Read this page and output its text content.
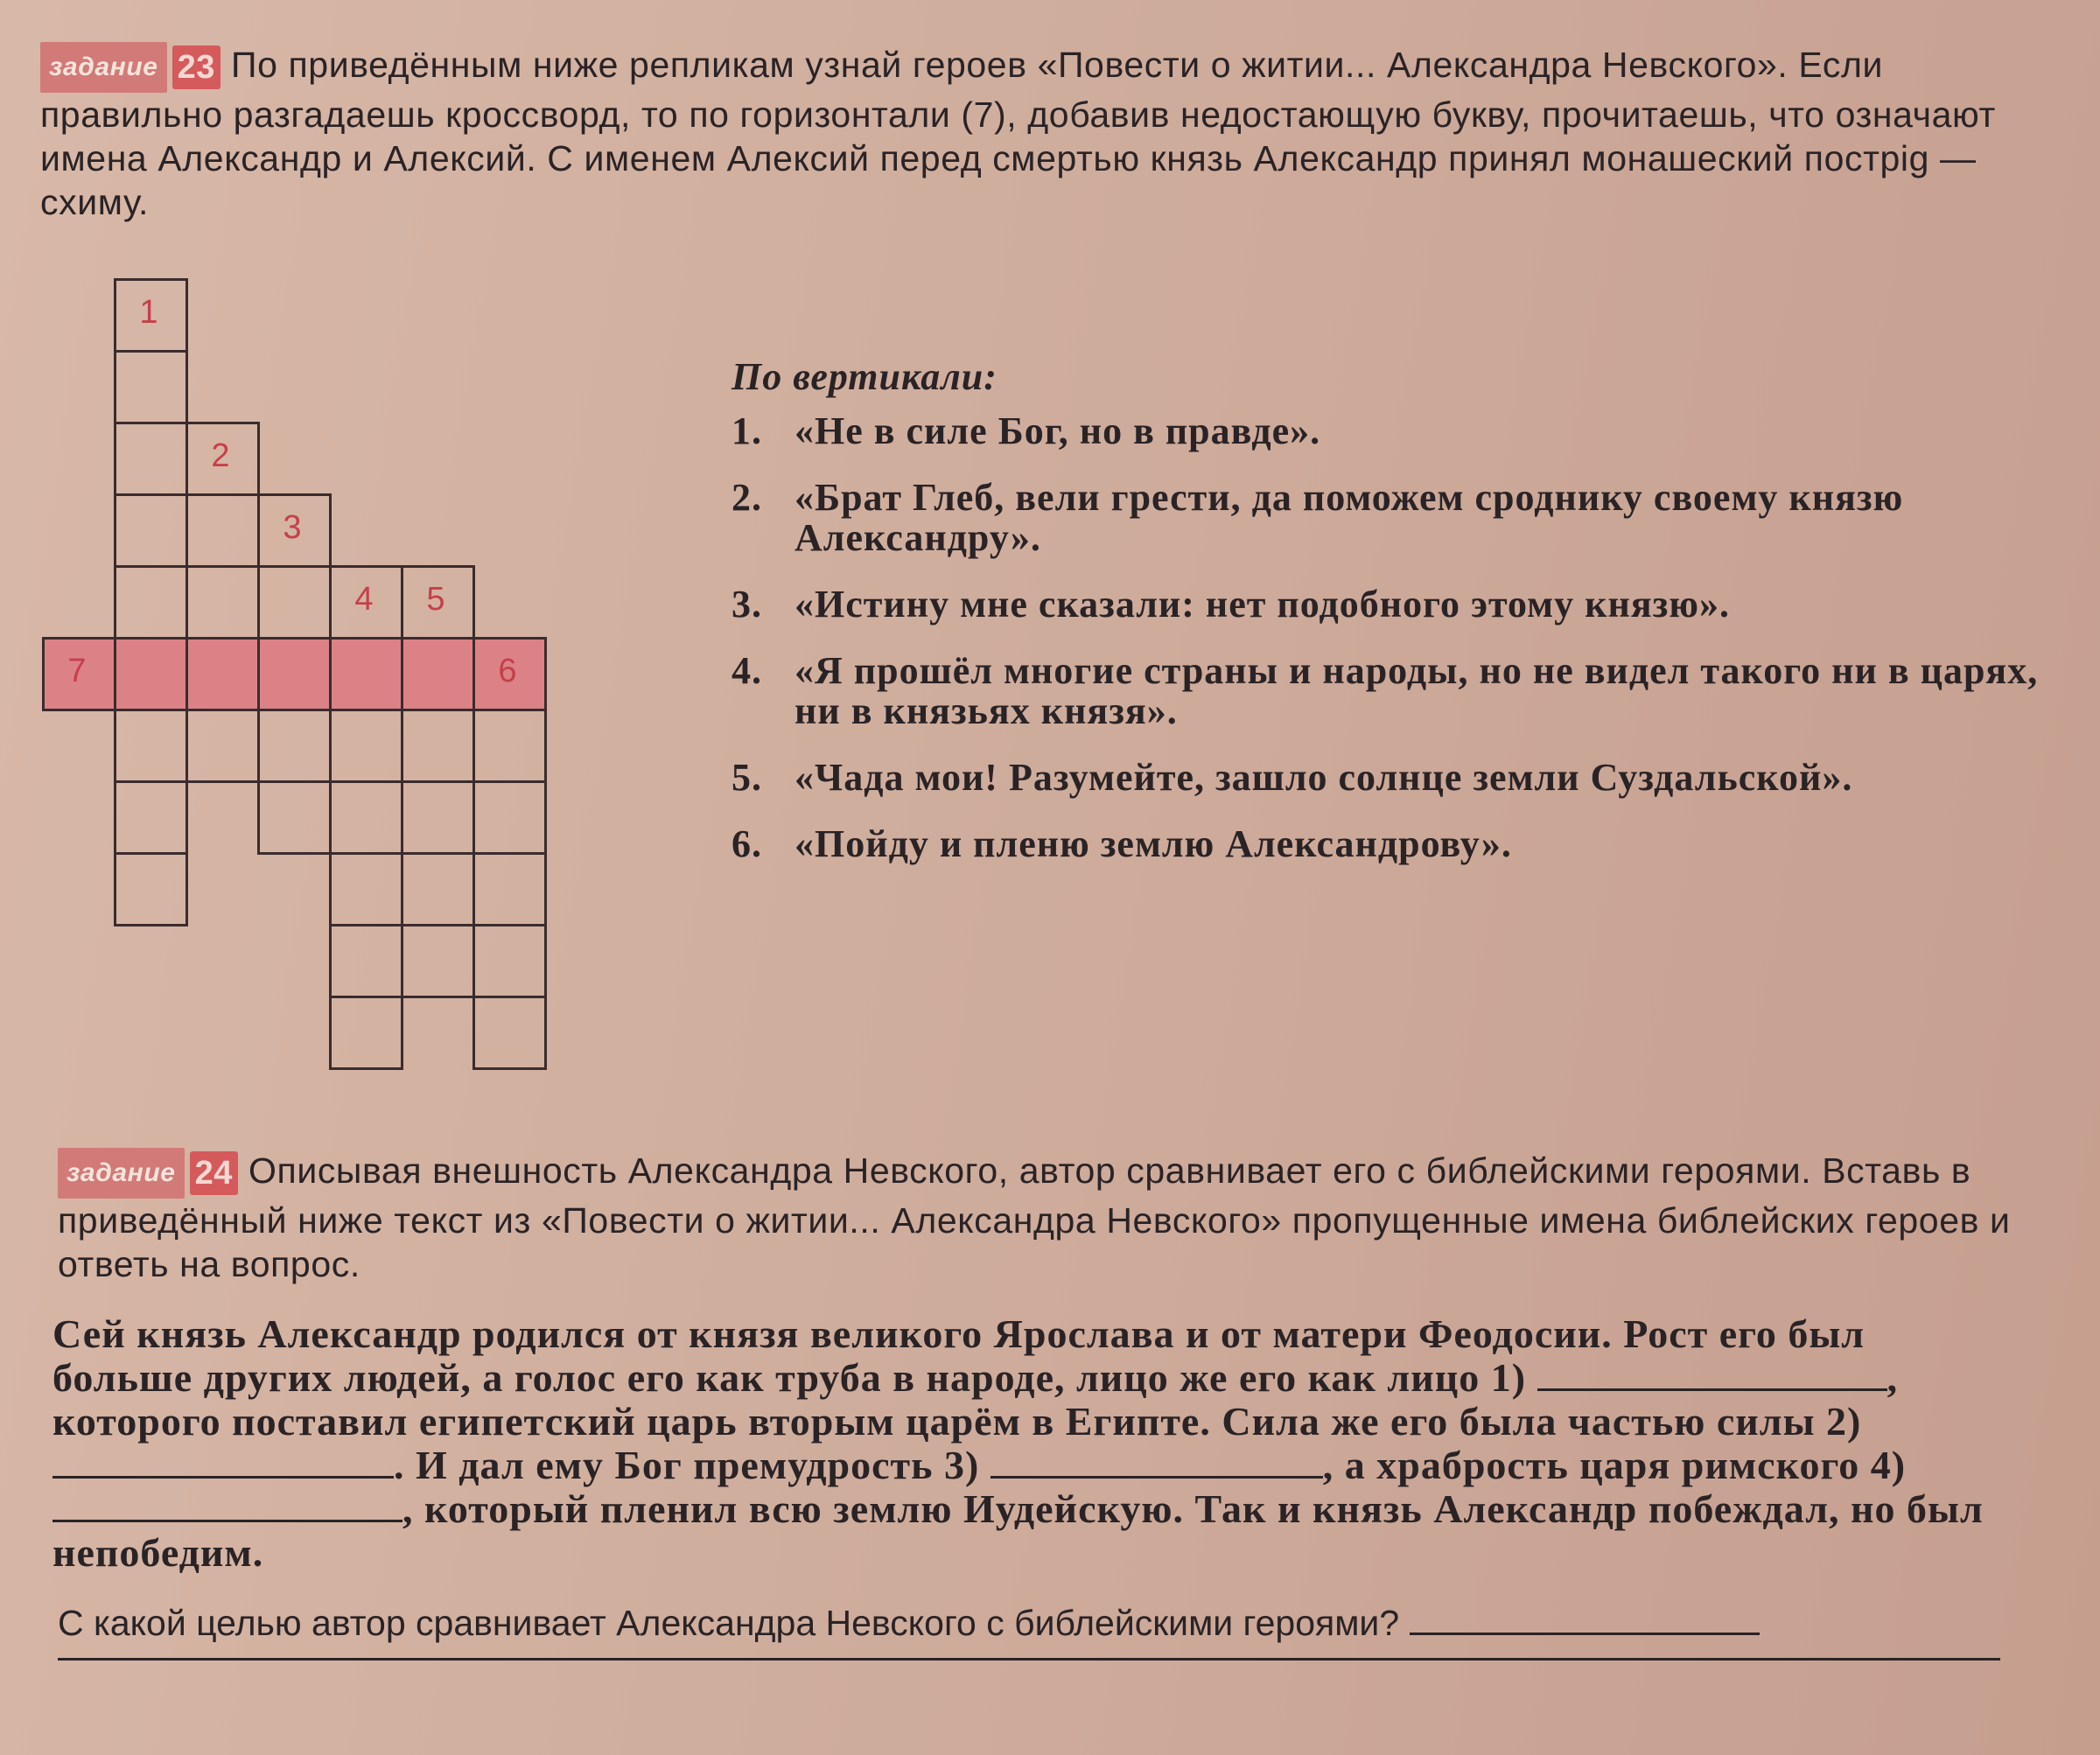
задание 23 По приведённым ниже репликам узнай героев «Повести о житии... Александра Невского». Если правильно разгадаешь кроссворд, то по горизонтали (7), добавив недостающую букву, прочитаешь, что означают имена Александр и Алексий. С именем Алексий перед смертью князь Александр принял монашеский пострig — схиму.
1
2
3
4	5
6
7
По вертикали:
1. «Не в силе Бог, но в правде».
2. «Брат Глеб, вели грести, да поможем сроднику своему князю Александру».
3. «Истину мне сказали: нет подобного этому князю».
4. «Я прошёл многие страны и народы, но не видел такого ни в царях, ни в князьях князя».
5. «Чада мои! Разумейте, зашло солнце земли Суздальской».
6. «Пойду и пленю землю Александрову».
задание 24 Описывая внешность Александра Невского, автор сравнивает его с библейскими героями. Вставь в приведённый ниже текст из «Повести о житии... Александра Невского» пропущенные имена библейских героев и ответь на вопрос.
Сей князь Александр родился от князя великого Ярослава и от матери Феодосии. Рост его был больше других людей, а голос его как труба в народе, лицо же его как лицо 1)	, которого поставил египетский царь вторым царём в Египте. Сила же его была частью силы 2) . И дал ему Бог премудрость 3)	, а храбрость царя римского 4) , который пленил всю землю Иудейскую. Так и князь Александр побеждал, но был непобедим.
С какой целью автор сравнивает Александра Невского с библейскими героями?
